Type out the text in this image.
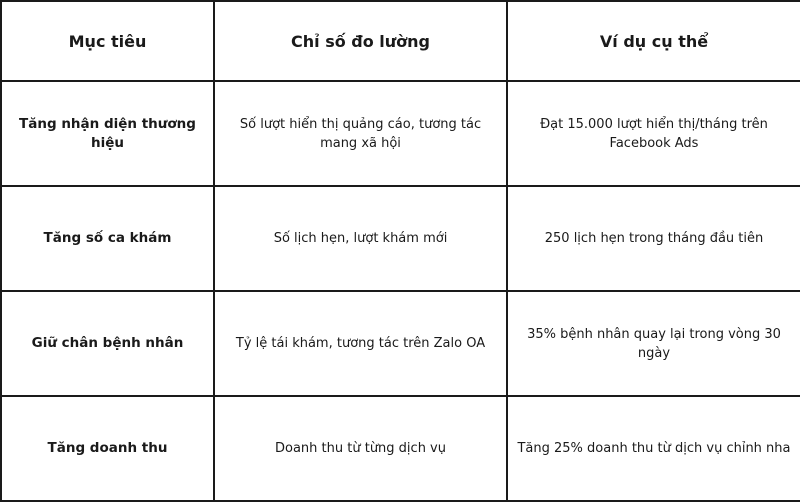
Mục tiêu	Chỉ số đo lường	Ví dụ cụ thể
Tăng nhận diện thương hiệu	Số lượt hiển thị quảng cáo, tương tác mang xã hội	Đạt 15.000 lượt hiển thị/tháng trên Facebook Ads
Tăng số ca khám	Số lịch hẹn, lượt khám mới	250 lịch hẹn trong tháng đầu tiên
Giữ chân bệnh nhân	Tỷ lệ tái khám, tương tác trên Zalo OA	35% bệnh nhân quay lại trong vòng 30 ngày
Tăng doanh thu	Doanh thu từ từng dịch vụ	Tăng 25% doanh thu từ dịch vụ chỉnh nha
